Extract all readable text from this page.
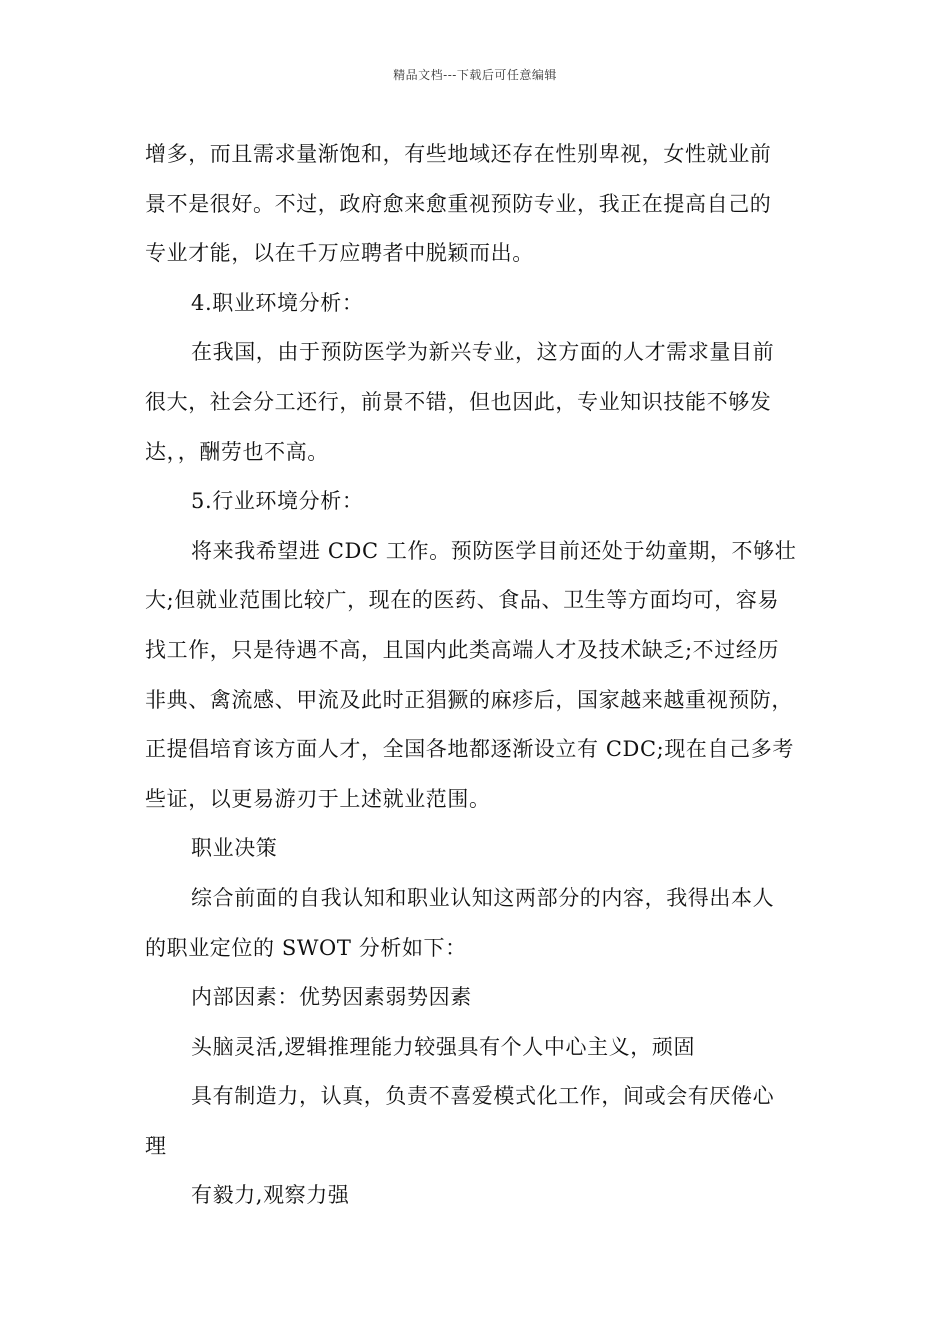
精品文档---下载后可任意编辑

增多，而且需求量渐饱和，有些地域还存在性别卑视，女性就业前

景不是很好。不过，政府愈来愈重视预防专业，我正在提高自己的

专业才能，以在千万应聘者中脱颖而出。

4.职业环境分析：

在我国，由于预防医学为新兴专业，这方面的人才需求量目前

很大，社会分工还行，前景不错，但也因此，专业知识技能不够发

达，，酬劳也不高。

5.行业环境分析：

将来我希望进 CDC 工作。预防医学目前还处于幼童期，不够壮

大;但就业范围比较广，现在的医药、食品、卫生等方面均可，容易

找工作，只是待遇不高，且国内此类高端人才及技术缺乏;不过经历

非典、禽流感、甲流及此时正猖獗的麻疹后，国家越来越重视预防，

正提倡培育该方面人才，全国各地都逐渐设立有 CDC;现在自己多考

些证，以更易游刃于上述就业范围。

职业决策

综合前面的自我认知和职业认知这两部分的内容，我得出本人

的职业定位的 SWOT 分析如下：

内部因素：优势因素弱势因素

头脑灵活,逻辑推理能力较强具有个人中心主义，顽固

具有制造力，认真，负责不喜爱模式化工作，间或会有厌倦心

理

有毅力,观察力强
